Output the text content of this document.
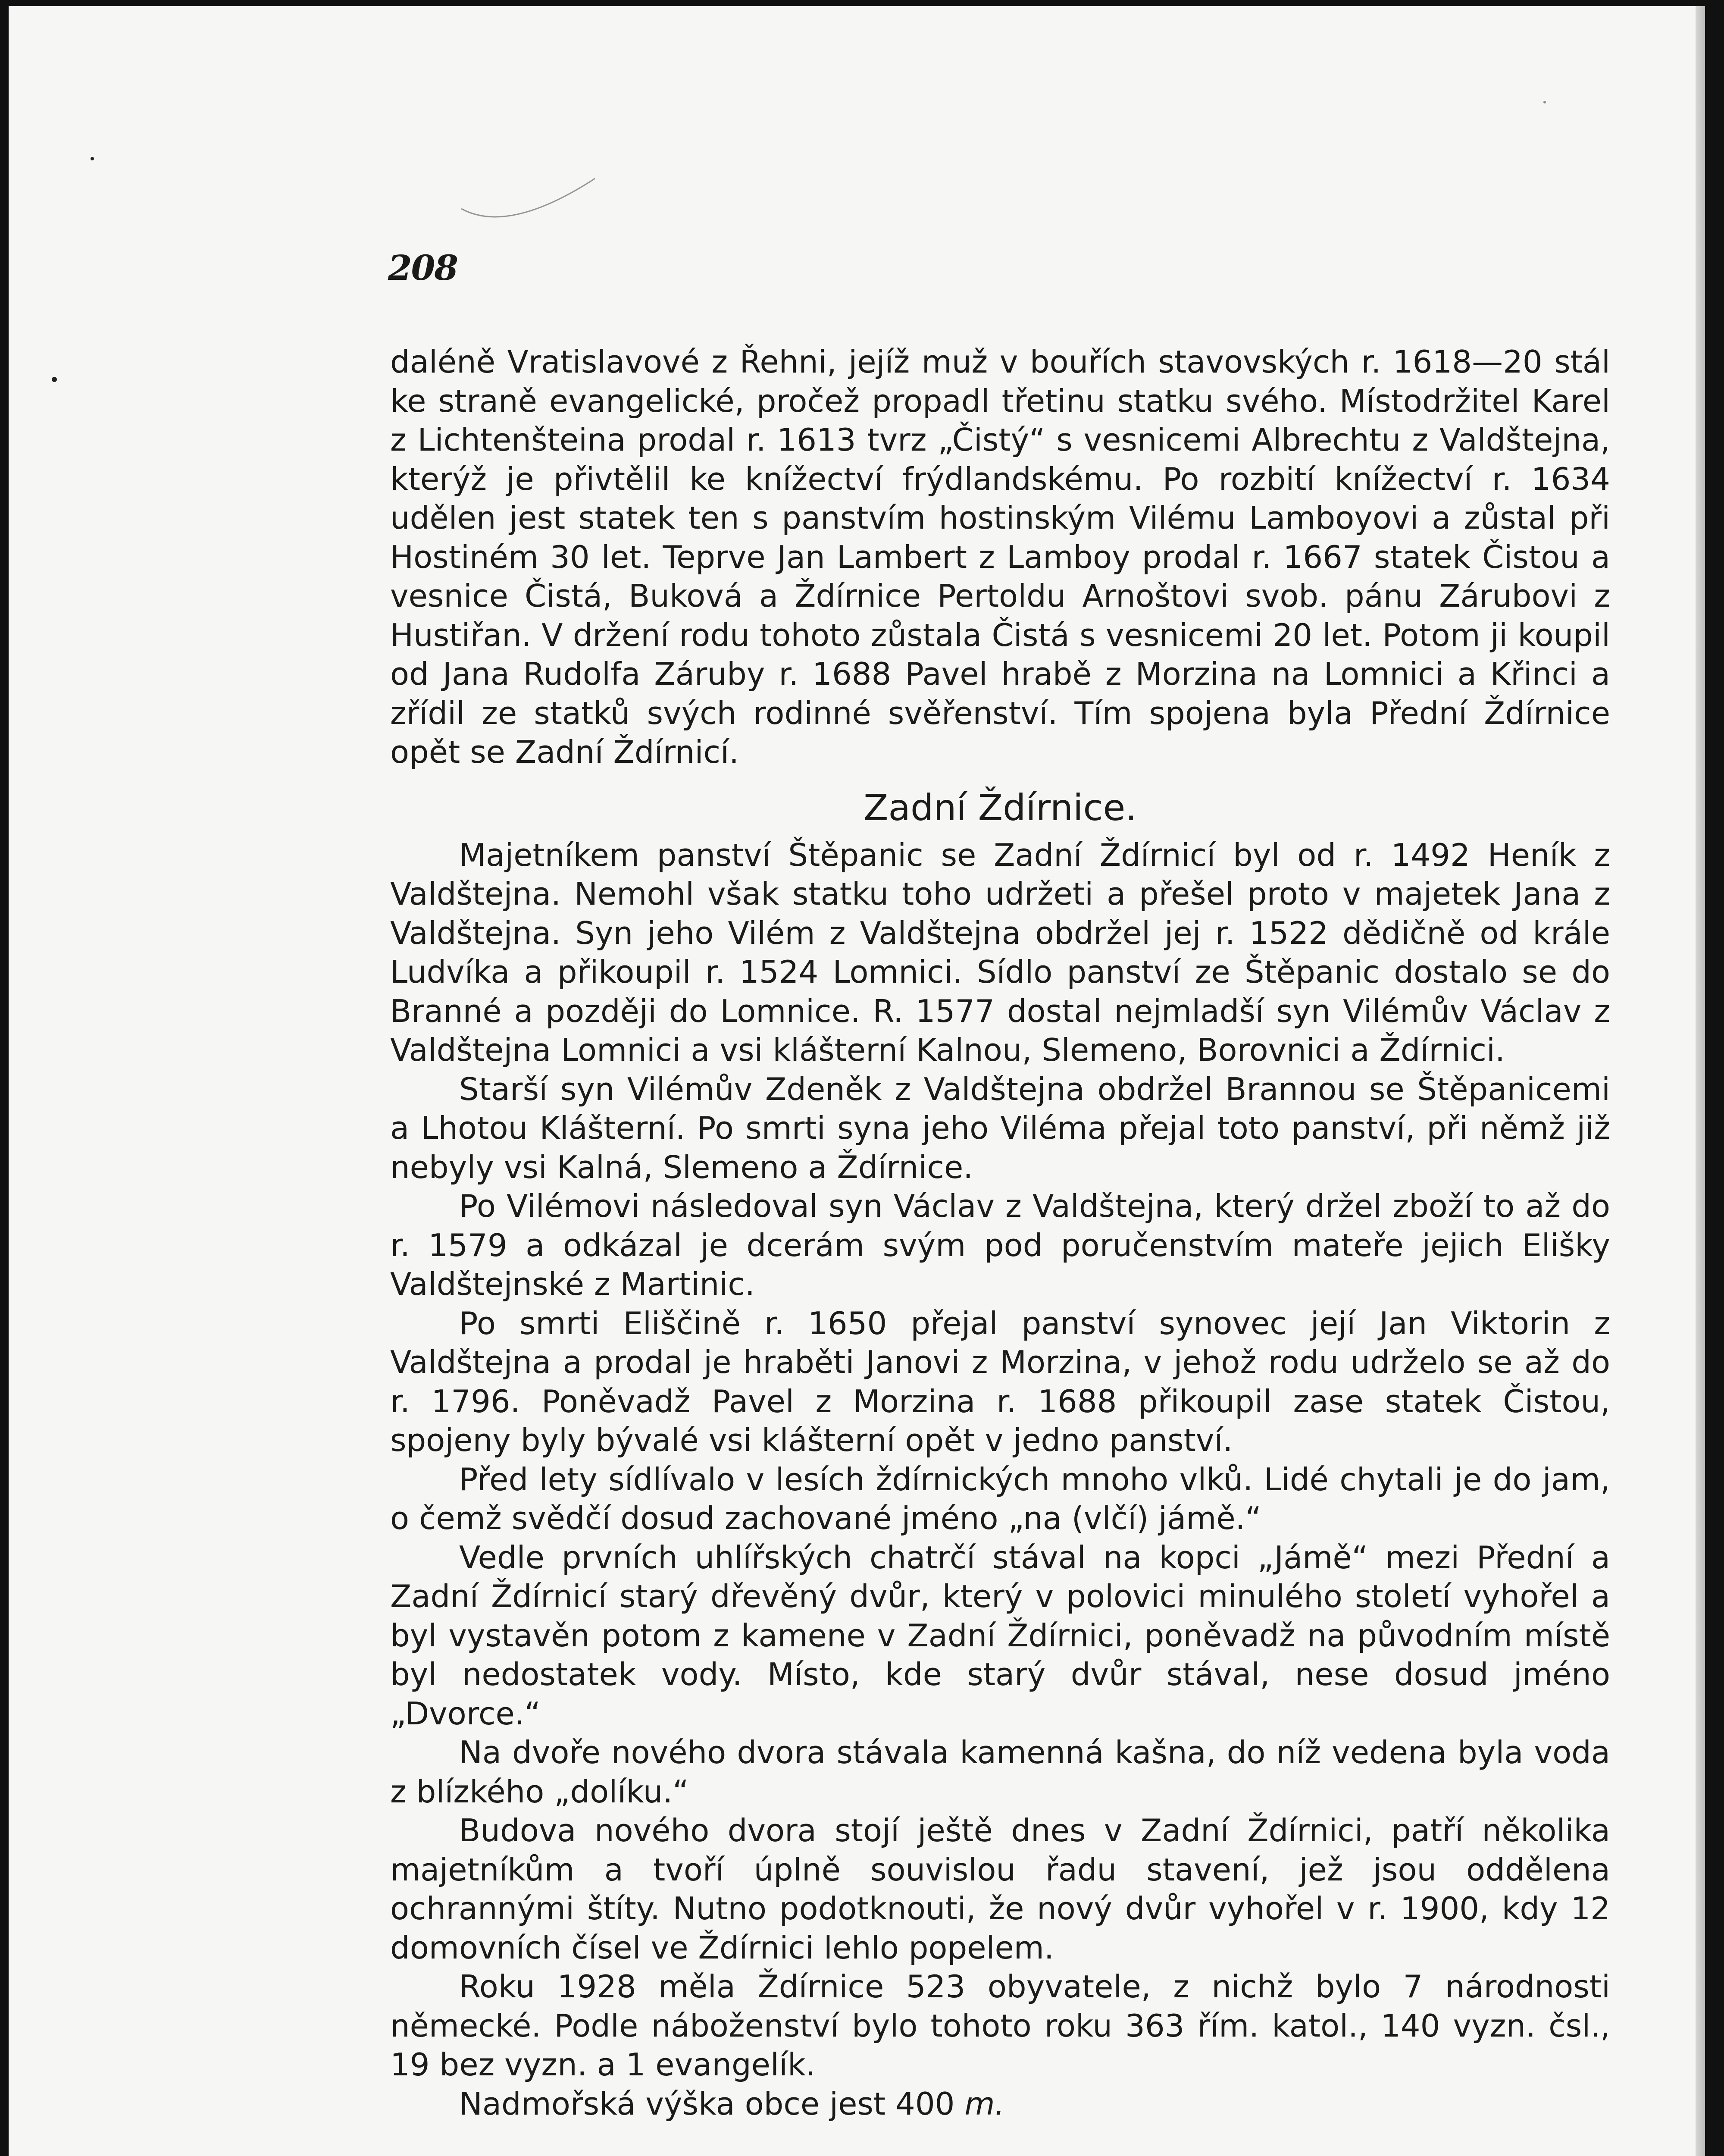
208

daléně Vratislavové z Řehni, jejíž muž v bouřích stavovských r. 1618—20 stál ke straně evangelické, pročež propadl třetinu statku svého. Místodržitel Karel z Lichtenšteina prodal r. 1613 tvrz „Čistý“ s vesnicemi Albrechtu z Valdštejna, kterýž je přivtělil ke knížectví frýdlandskému. Po rozbití knížectví r. 1634 udělen jest statek ten s panstvím hostinským Vilému Lamboyovi a zůstal při Hostiném 30 let. Teprve Jan Lambert z Lamboy prodal r. 1667 statek Čistou a vesnice Čistá, Buková a Ždírnice Pertoldu Arnoštovi svob. pánu Zárubovi z Hustiřan. V držení rodu tohoto zůstala Čistá s vesnicemi 20 let. Potom ji koupil od Jana Rudolfa Záruby r. 1688 Pavel hrabě z Morzina na Lomnici a Křinci a zřídil ze statků svých rodinné svěřenství. Tím spojena byla Přední Ždírnice opět se Zadní Ždírnicí.

Zadní Ždírnice.

Majetníkem panství Štěpanic se Zadní Ždírnicí byl od r. 1492 Heník z Valdštejna. Nemohl však statku toho udržeti a přešel proto v majetek Jana z Valdštejna. Syn jeho Vilém z Valdštejna obdržel jej r. 1522 dědičně od krále Ludvíka a přikoupil r. 1524 Lomnici. Sídlo panství ze Štěpanic dostalo se do Branné a později do Lomnice. R. 1577 dostal nejmladší syn Vilémův Václav z Valdštejna Lomnici a vsi klášterní Kalnou, Slemeno, Borovnici a Ždírnici.

Starší syn Vilémův Zdeněk z Valdštejna obdržel Brannou se Štěpanicemi a Lhotou Klášterní. Po smrti syna jeho Viléma přejal toto panství, při němž již nebyly vsi Kalná, Slemeno a Ždírnice.

Po Vilémovi následoval syn Václav z Valdštejna, který držel zboží to až do r. 1579 a odkázal je dcerám svým pod poručenstvím mateře jejich Elišky Valdštejnské z Martinic.

Po smrti Eliščině r. 1650 přejal panství synovec její Jan Viktorin z Valdštejna a prodal je hraběti Janovi z Morzina, v jehož rodu udrželo se až do r. 1796. Poněvadž Pavel z Morzina r. 1688 přikoupil zase statek Čistou, spojeny byly bývalé vsi klášterní opět v jedno panství.

Před lety sídlívalo v lesích ždírnických mnoho vlků. Lidé chytali je do jam, o čemž svědčí dosud zachované jméno „na (vlčí) jámě.“

Vedle prvních uhlířských chatrčí stával na kopci „Jámě“ mezi Přední a Zadní Ždírnicí starý dřevěný dvůr, který v polovici minulého století vyhořel a byl vystavěn potom z kamene v Zadní Ždírnici, poněvadž na původním místě byl nedostatek vody. Místo, kde starý dvůr stával, nese dosud jméno „Dvorce.“

Na dvoře nového dvora stávala kamenná kašna, do níž vedena byla voda z blízkého „dolíku.“

Budova nového dvora stojí ještě dnes v Zadní Ždírnici, patří několika majetníkům a tvoří úplně souvislou řadu stavení, jež jsou oddělena ochrannými štíty. Nutno podotknouti, že nový dvůr vyhořel v r. 1900, kdy 12 domovních čísel ve Ždírnici lehlo popelem.

Roku 1928 měla Ždírnice 523 obyvatele, z nichž bylo 7 národnosti německé. Podle náboženství bylo tohoto roku 363 řím. katol., 140 vyzn. čsl., 19 bez vyzn. a 1 evangelík.

Nadmořská výška obce jest 400 m.
